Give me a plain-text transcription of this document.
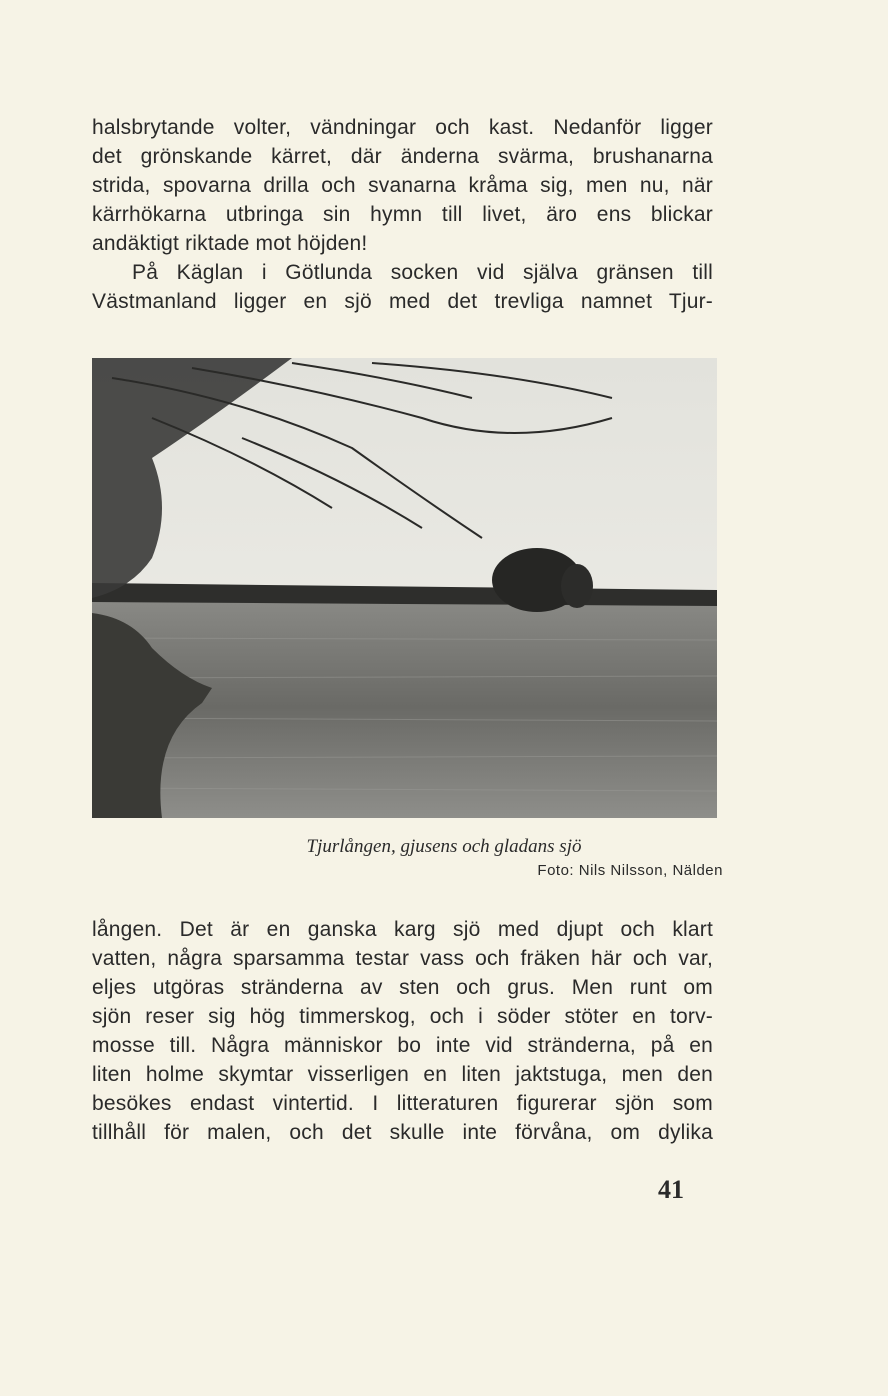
halsbrytande volter, vändningar och kast. Nedanför ligger
det grönskande kärret, där änderna svärma, brushanarna
strida, spovarna drilla och svanarna kråma sig, men nu, när
kärrhökarna utbringa sin hymn till livet, äro ens blickar
andäktigt riktade mot höjden!
På Käglan i Götlunda socken vid själva gränsen till
Västmanland ligger en sjö med det trevliga namnet Tjur-
Tjurlången, gjusens och gladans sjö
Foto: Nils Nilsson, Nälden
lången. Det är en ganska karg sjö med djupt och klart
vatten, några sparsamma testar vass och fräken här och var,
eljes utgöras stränderna av sten och grus. Men runt om
sjön reser sig hög timmerskog, och i söder stöter en torv-
mosse till. Några människor bo inte vid stränderna, på en
liten holme skymtar visserligen en liten jaktstuga, men den
besökes endast vintertid. I litteraturen figurerar sjön som
tillhåll för malen, och det skulle inte förvåna, om dylika
41
